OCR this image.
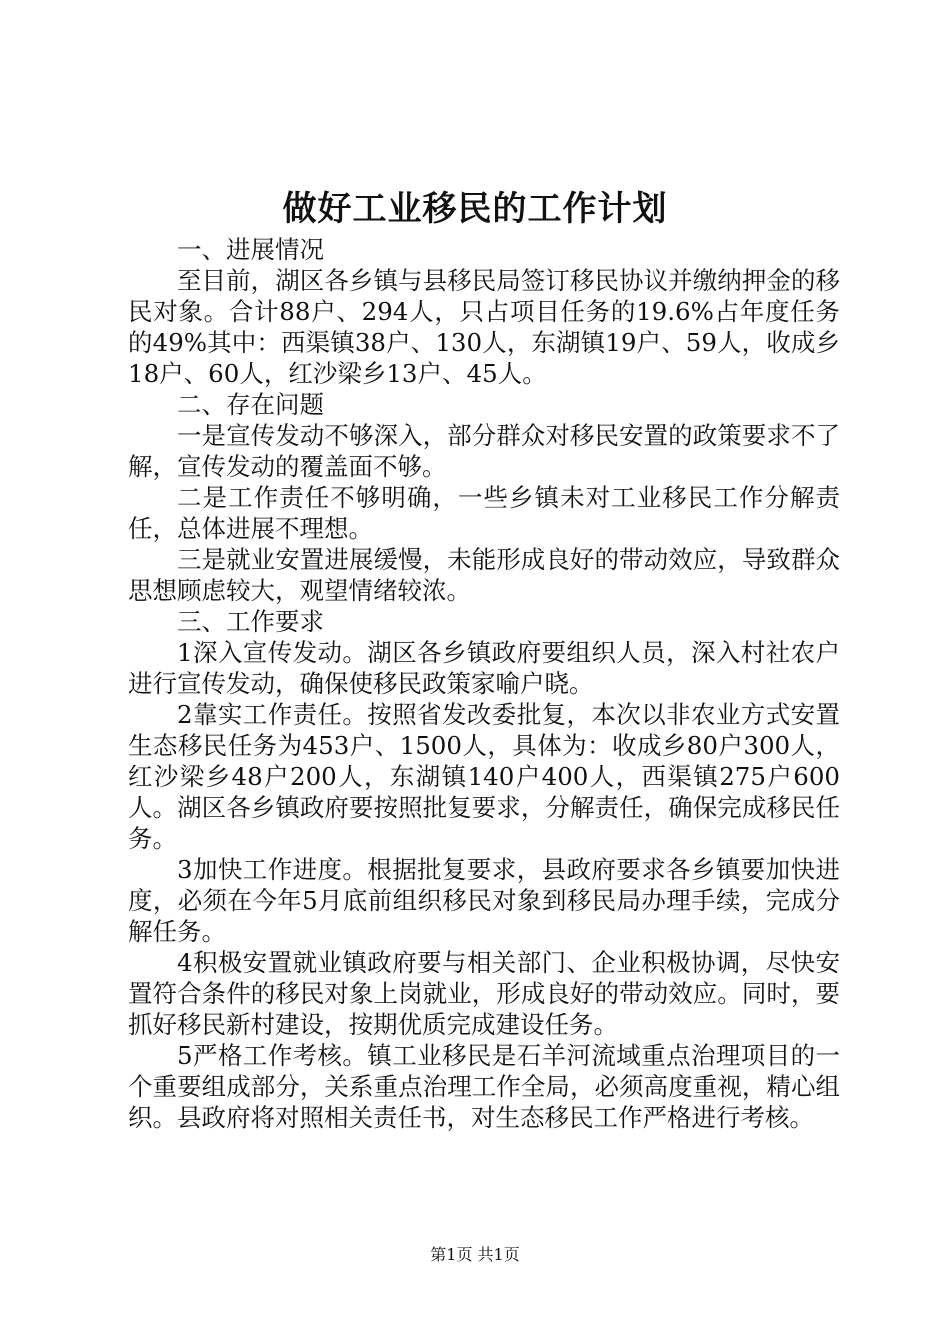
做好工业移民的工作计划

一、进展情况

至目前，湖区各乡镇与县移民局签订移民协议并缴纳押金的移民对象。合计88户、294人，只占项目任务的19.6%占年度任务的49%其中：西渠镇38户、130人，东湖镇19户、59人，收成乡18户、60人，红沙梁乡13户、45人。

二、存在问题

一是宣传发动不够深入，部分群众对移民安置的政策要求不了解，宣传发动的覆盖面不够。

二是工作责任不够明确，一些乡镇未对工业移民工作分解责任，总体进展不理想。

三是就业安置进展缓慢，未能形成良好的带动效应，导致群众思想顾虑较大，观望情绪较浓。

三、工作要求

1深入宣传发动。湖区各乡镇政府要组织人员，深入村社农户进行宣传发动，确保使移民政策家喻户晓。

2靠实工作责任。按照省发改委批复，本次以非农业方式安置生态移民任务为453户、1500人，具体为：收成乡80户300人，红沙梁乡48户200人，东湖镇140户400人，西渠镇275户600人。湖区各乡镇政府要按照批复要求，分解责任，确保完成移民任务。

3加快工作进度。根据批复要求，县政府要求各乡镇要加快进度，必须在今年5月底前组织移民对象到移民局办理手续，完成分解任务。

4积极安置就业镇政府要与相关部门、企业积极协调，尽快安置符合条件的移民对象上岗就业，形成良好的带动效应。同时，要抓好移民新村建设，按期优质完成建设任务。

5严格工作考核。镇工业移民是石羊河流域重点治理项目的一个重要组成部分，关系重点治理工作全局，必须高度重视，精心组织。县政府将对照相关责任书，对生态移民工作严格进行考核。

第1页 共1页
